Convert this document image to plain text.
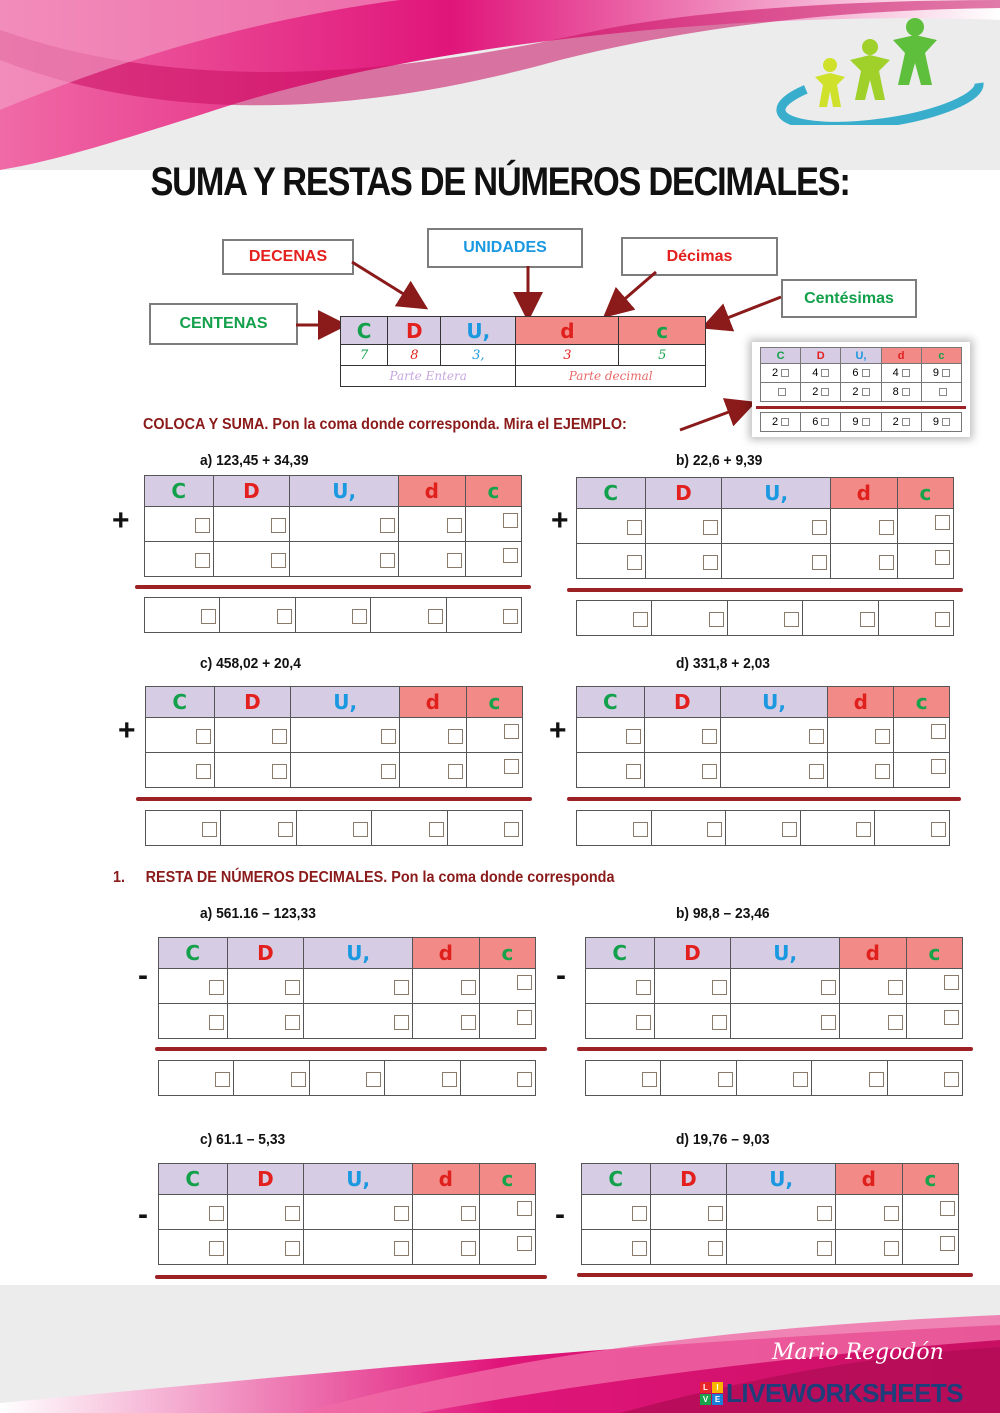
SUMA Y RESTAS DE NÚMEROS DECIMALES:
DECENAS
UNIDADES	Décimas
CENTENAS
Centésimas
C	D	U,	d	c
7	8	3,	3	5
Parte Entera			Parte decimal	
C	D	U,	d	c
2	4	6	4	9
	2	2	8	
2	6	9	2	9
COLOCA Y SUMA. Pon la coma donde corresponda. Mira el EJEMPLO:
1. RESTA DE NÚMEROS DECIMALES. Pon la coma donde corresponda
a) 123,45 + 34,39
+
C	D	U,	d	c

b) 22,6 + 9,39
+
C	D	U,	d	c

c) 458,02 + 20,4
+
C	D	U,	d	c

d) 331,8 + 2,03
+
C	D	U,	d	c

a) 561.16 – 123,33
-
C	D	U,	d	c

b) 98,8 – 23,46
-
C	D	U,	d	c

c) 61.1 – 5,33
-
C	D	U,	d	c

d) 19,76 – 9,03
-
C	D	U,	d	c

Mario Regodón
L	I
V E LIVEWORKSHEETS
